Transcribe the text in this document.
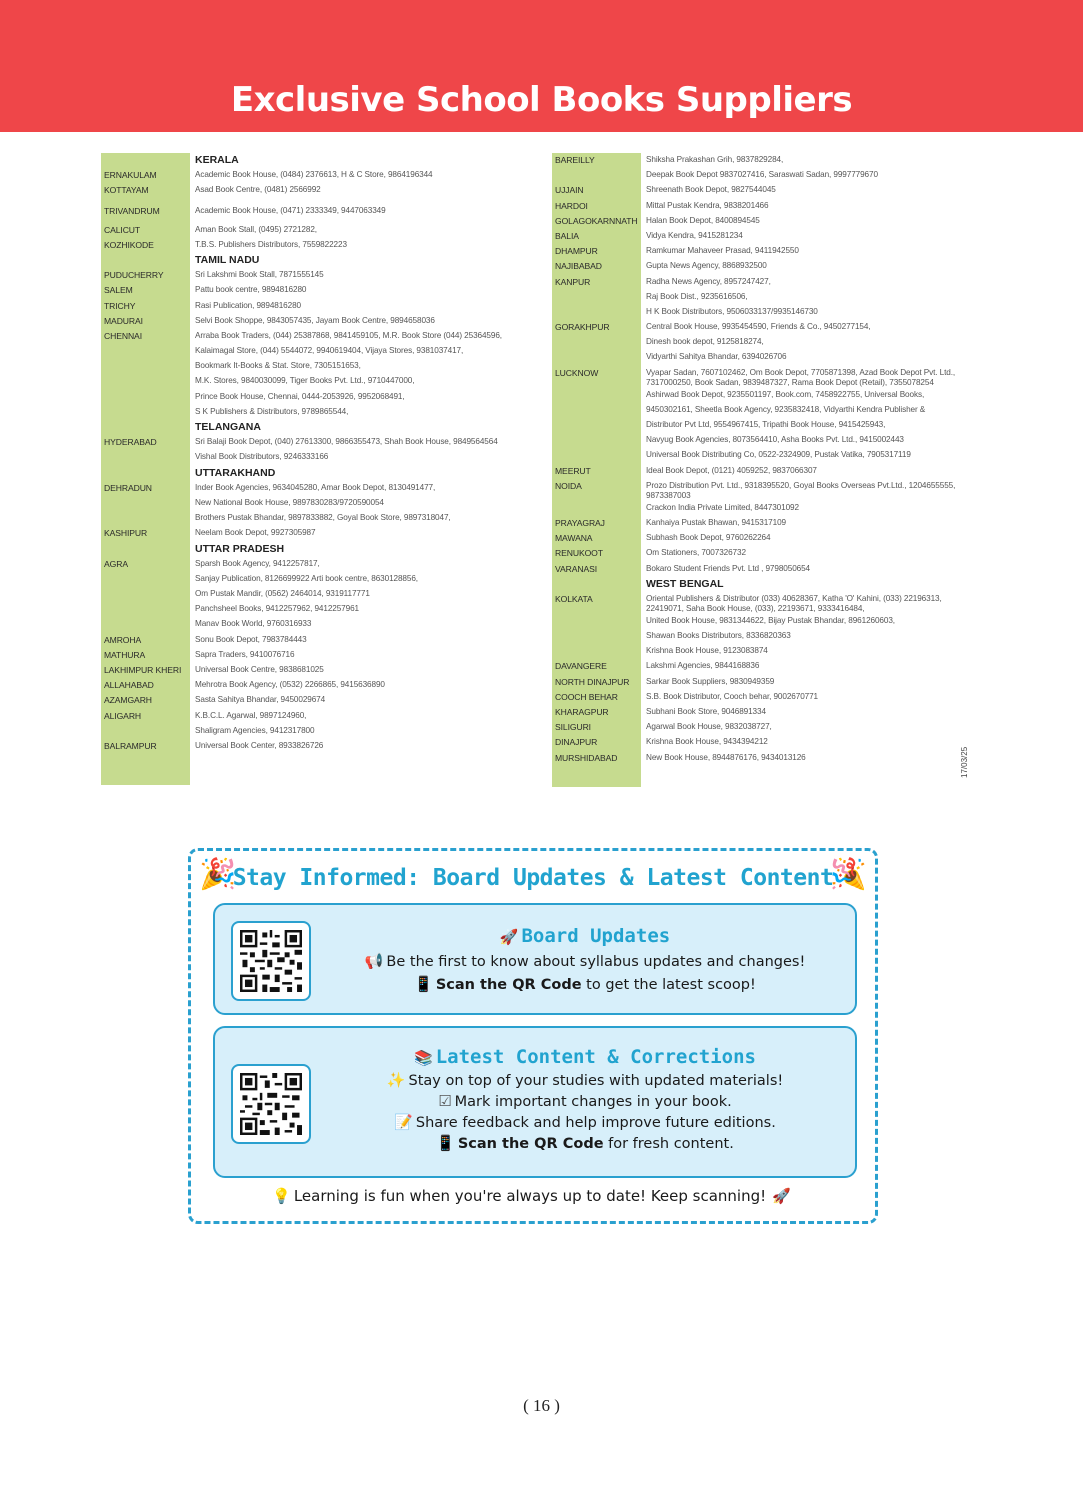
Exclusive School Books Suppliers
KERALA
ERNAKULAM	Academic Book House, (0484) 2376613, H & C Store, 9864196344
KOTTAYAM	Asad Book Centre, (0481) 2566992
TRIVANDRUM	Academic Book House, (0471) 2333349, 9447063349
CALICUT	Aman Book Stall, (0495) 2721282,
KOZHIKODE	T.B.S. Publishers Distributors, 7559822223
TAMIL NADU
PUDUCHERRY	Sri Lakshmi Book Stall, 7871555145
SALEM	Pattu book centre, 9894816280
TRICHY	Rasi Publication, 9894816280
MADURAI	Selvi Book Shoppe, 9843057435, Jayam Book Centre, 9894658036
CHENNAI	Arraba Book Traders, (044) 25387868, 9841459105, M.R. Book Store (044) 25364596,
Kalaimagal Store, (044) 5544072, 9940619404, Vijaya Stores, 9381037417,
Bookmark It-Books & Stat. Store, 7305151653,
M.K. Stores, 9840030099, Tiger Books Pvt. Ltd., 9710447000,
Prince Book House, Chennai, 0444-2053926, 9952068491,
S K Publishers & Distributors, 9789865544,
TELANGANA
HYDERABAD	Sri Balaji Book Depot, (040) 27613300, 9866355473, Shah Book House, 9849564564
Vishal Book Distributors, 9246333166
UTTARAKHAND
DEHRADUN	Inder Book Agencies, 9634045280, Amar Book Depot, 8130491477,
New National Book House, 9897830283/9720590054
Brothers Pustak Bhandar, 9897833882, Goyal Book Store, 9897318047,
KASHIPUR	Neelam Book Depot, 9927305987
UTTAR PRADESH
AGRA	Sparsh Book Agency, 9412257817,
Sanjay Publication, 8126699922 Arti book centre, 8630128856,
Om Pustak Mandir, (0562) 2464014, 9319117771
Panchsheel Books, 9412257962, 9412257961
Manav Book World, 9760316933
AMROHA	Sonu Book Depot, 7983784443
MATHURA	Sapra Traders, 9410076716
LAKHIMPUR KHERI	Universal Book Centre, 9838681025
ALLAHABAD	Mehrotra Book Agency, (0532) 2266865, 9415636890
AZAMGARH	Sasta Sahitya Bhandar, 9450029674
ALIGARH	K.B.C.L. Agarwal, 9897124960,
Shaligram Agencies, 9412317800
BALRAMPUR	Universal Book Center, 8933826726
BAREILLY	Shiksha Prakashan Grih, 9837829284,
Deepak Book Depot 9837027416, Saraswati Sadan, 9997779670
UJJAIN	Shreenath Book Depot, 9827544045
HARDOI	Mittal Pustak Kendra, 9838201466
GOLAGOKARNNATH	Halan Book Depot, 8400894545
BALIA	Vidya Kendra, 9415281234
DHAMPUR	Ramkumar Mahaveer Prasad, 9411942550
NAJIBABAD	Gupta News Agency, 8868932500
KANPUR	Radha News Agency, 8957247427,
Raj Book Dist., 9235616506,
H K Book Distributors, 9506033137/9935146730
GORAKHPUR	Central Book House, 9935454590, Friends & Co., 9450277154,
Dinesh book depot, 9125818274,
Vidyarthi Sahitya Bhandar, 6394026706
LUCKNOW	Vyapar Sadan, 7607102462, Om Book Depot, 7705871398, Azad Book Depot Pvt. Ltd., 7317000250, Book Sadan, 9839487327, Rama Book Depot (Retail), 7355078254
Ashirwad Book Depot, 9235501197, Book.com, 7458922755, Universal Books,
9450302161, Sheetla Book Agency, 9235832418, Vidyarthi Kendra Publisher &
Distributor Pvt Ltd, 9554967415, Tripathi Book House, 9415425943,
Navyug Book Agencies, 8073564410, Asha Books Pvt. Ltd., 9415002443
Universal Book Distributing Co, 0522-2324909, Pustak Vatika, 7905317119
MEERUT	Ideal Book Depot, (0121) 4059252, 9837066307
NOIDA	Prozo Distribution Pvt. Ltd., 9318395520, Goyal Books Overseas Pvt.Ltd., 1204655555, 9873387003
Crackon India Private Limited, 8447301092
PRAYAGRAJ	Kanhaiya Pustak Bhawan, 9415317109
MAWANA	Subhash Book Depot, 9760262264
RENUKOOT	Om Stationers, 7007326732
VARANASI	Bokaro Student Friends Pvt. Ltd , 9798050654
WEST BENGAL
KOLKATA	Oriental Publishers & Distributor (033) 40628367, Katha 'O' Kahini, (033) 22196313, 22419071, Saha Book House, (033), 22193671, 9333416484,
United Book House, 9831344622, Bijay Pustak Bhandar, 8961260603,
Shawan Books Distributors, 8336820363
Krishna Book House, 9123083874
DAVANGERE	Lakshmi Agencies, 9844168836
NORTH DINAJPUR	Sarkar Book Suppliers, 9830949359
COOCH BEHAR	S.B. Book Distributor, Cooch behar, 9002670771
KHARAGPUR	Subhani Book Store, 9046891334
SILIGURI	Agarwal Book House, 9832038727,
DINAJPUR	Krishna Book House, 9434394212
MURSHIDABAD	New Book House, 8944876176, 9434013126	17/03/25
🎉	🎉
Stay Informed: Board Updates & Latest Content
🚀 Board Updates
📢 Be the first to know about syllabus updates and changes!
📱 Scan the QR Code to get the latest scoop!
📚 Latest Content & Corrections
✨ Stay on top of your studies with updated materials!
☑ Mark important changes in your book.
📝 Share feedback and help improve future editions.
📱 Scan the QR Code for fresh content.
💡 Learning is fun when you're always up to date! Keep scanning! 🚀
( 16 )
